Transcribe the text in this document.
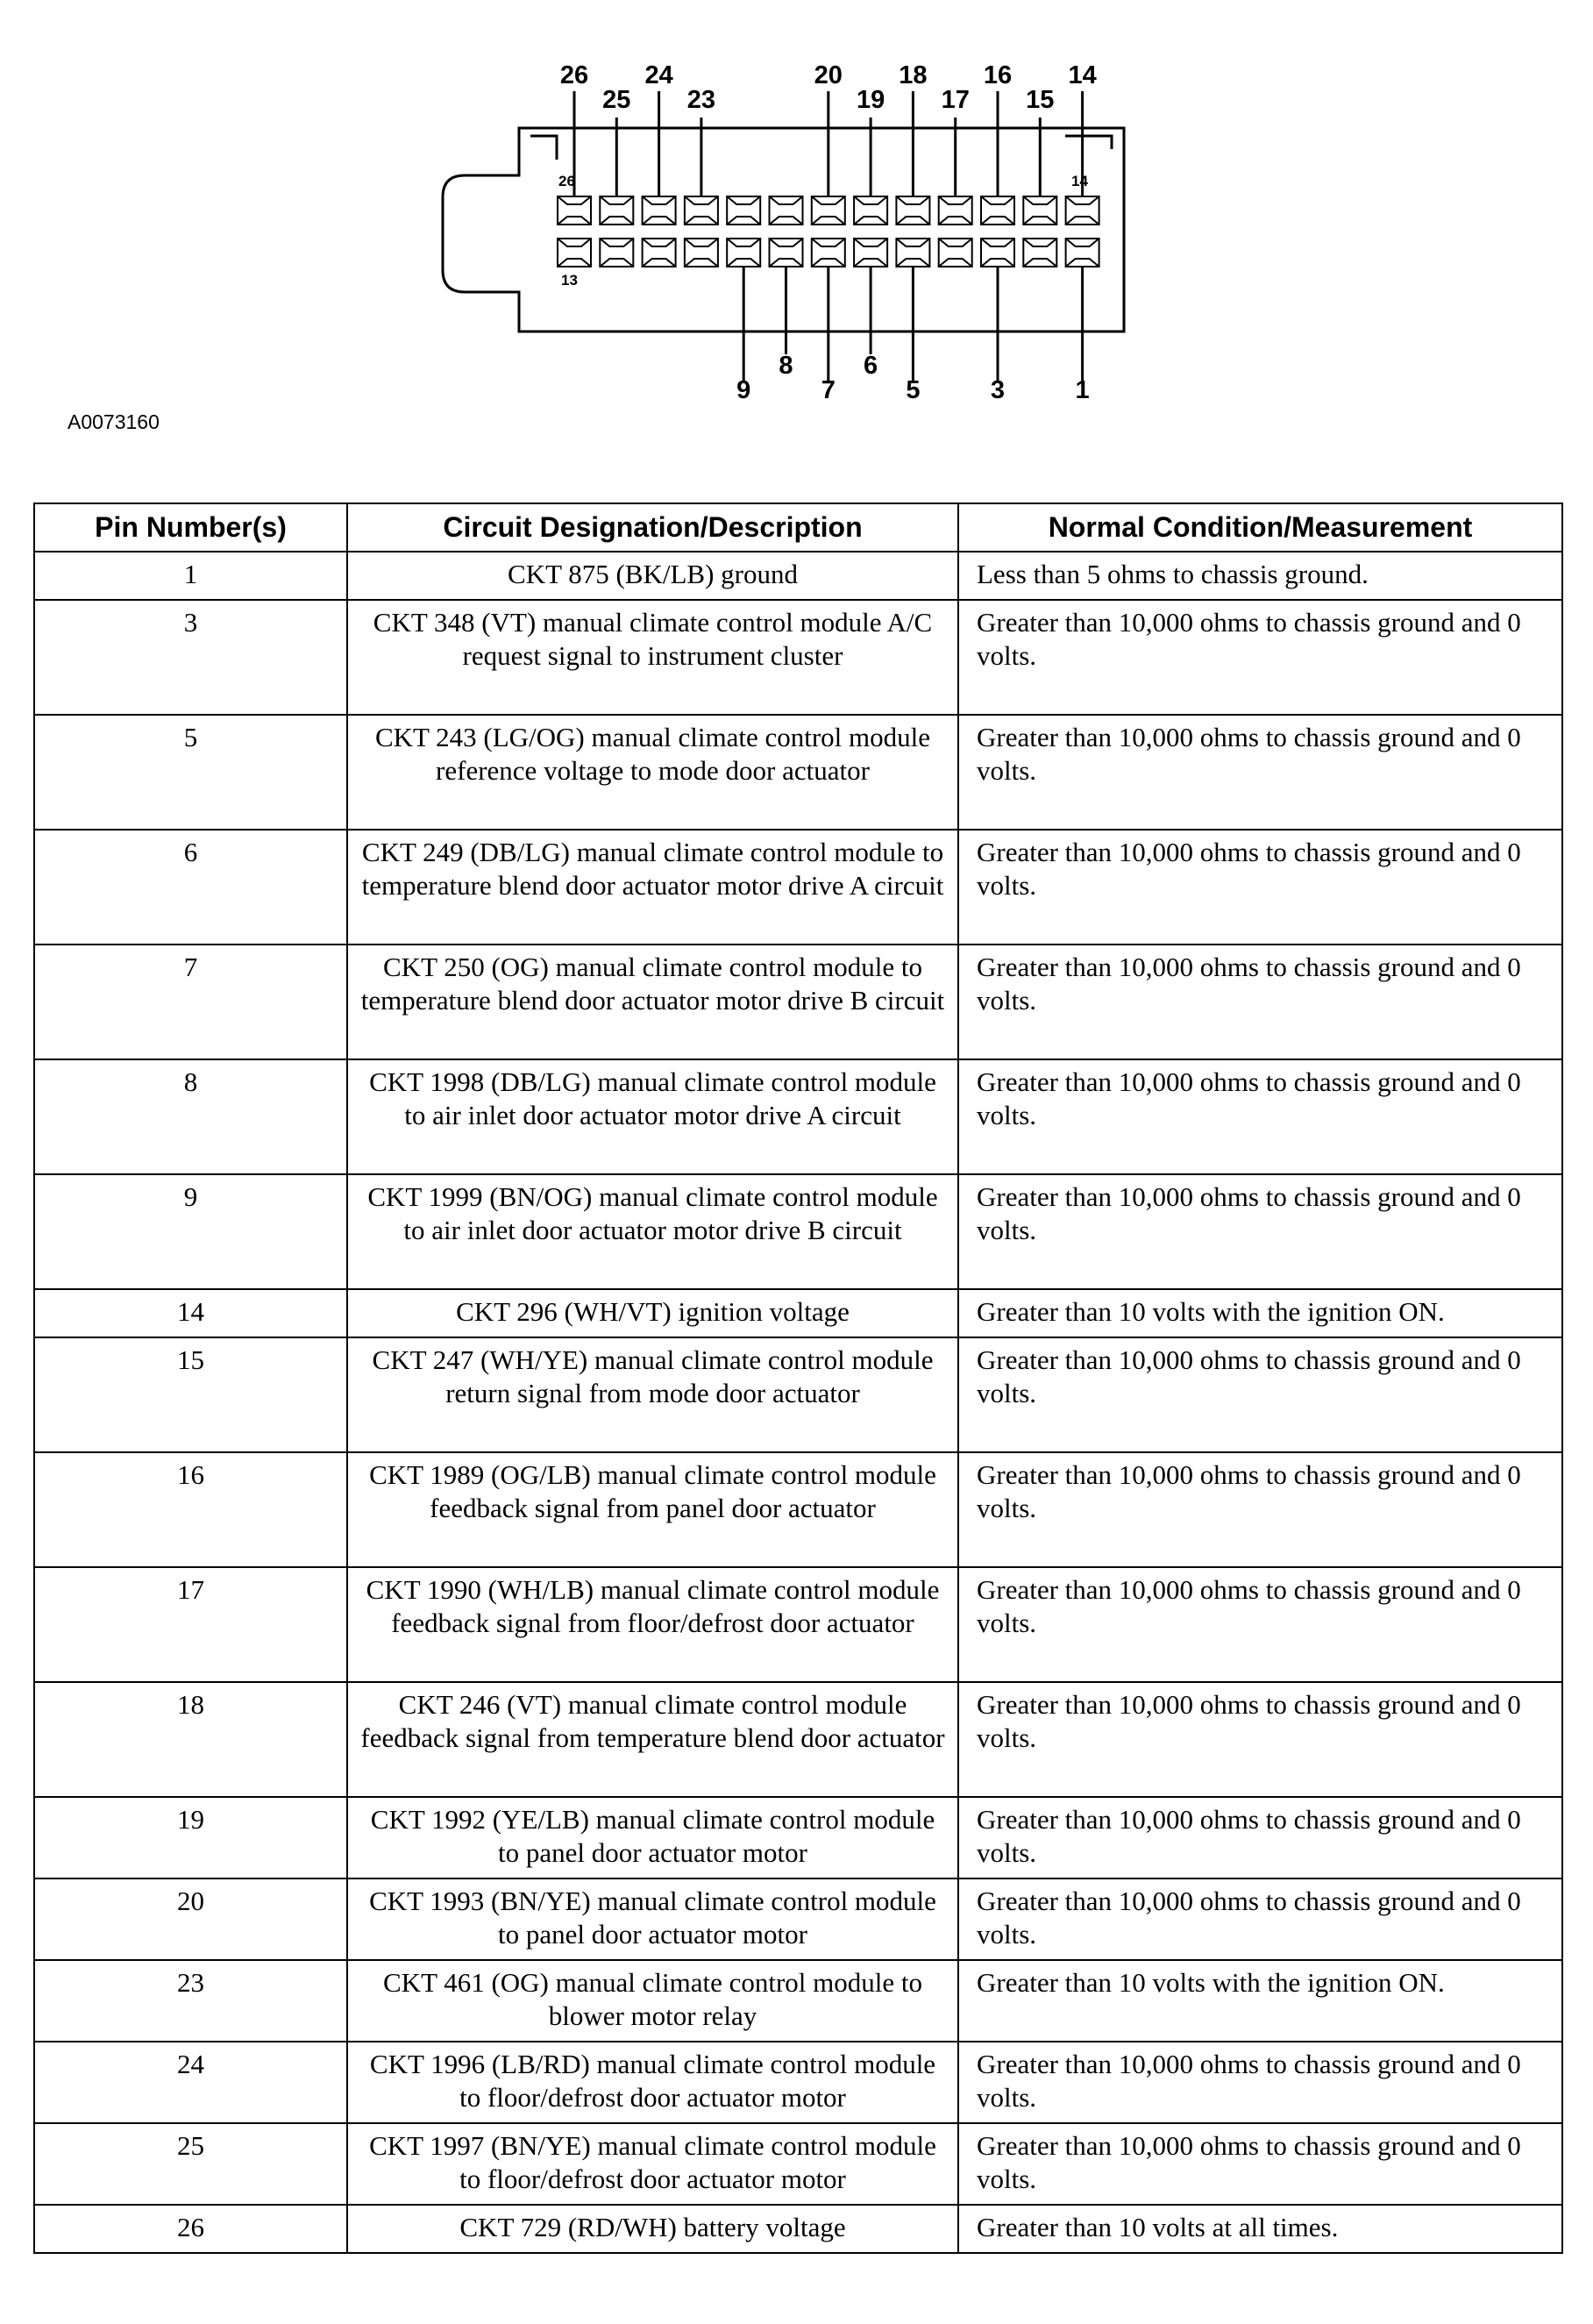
26
25
24
23
20
19
18
17
16
15
14
9
8
7
6
5	3	1
26	14
13
A0073160
Pin Number(s)	Circuit Designation/Description	Normal Condition/Measurement
1	CKT 875 (BK/LB) ground	Less than 5 ohms to chassis ground.
3	CKT 348 (VT) manual climate control module A/C request signal to instrument cluster	Greater than 10,000 ohms to chassis ground and 0 volts.
5	CKT 243 (LG/OG) manual climate control module reference voltage to mode door actuator	Greater than 10,000 ohms to chassis ground and 0 volts.
6	CKT 249 (DB/LG) manual climate control module to temperature blend door actuator motor drive A circuit	Greater than 10,000 ohms to chassis ground and 0 volts.
7	CKT 250 (OG) manual climate control module to temperature blend door actuator motor drive B circuit	Greater than 10,000 ohms to chassis ground and 0 volts.
8	CKT 1998 (DB/LG) manual climate control module to air inlet door actuator motor drive A circuit	Greater than 10,000 ohms to chassis ground and 0 volts.
9	CKT 1999 (BN/OG) manual climate control module to air inlet door actuator motor drive B circuit	Greater than 10,000 ohms to chassis ground and 0 volts.
14	CKT 296 (WH/VT) ignition voltage	Greater than 10 volts with the ignition ON.
15	CKT 247 (WH/YE) manual climate control module return signal from mode door actuator	Greater than 10,000 ohms to chassis ground and 0 volts.
16	CKT 1989 (OG/LB) manual climate control module feedback signal from panel door actuator	Greater than 10,000 ohms to chassis ground and 0 volts.
17	CKT 1990 (WH/LB) manual climate control module feedback signal from floor/defrost door actuator	Greater than 10,000 ohms to chassis ground and 0 volts.
18	CKT 246 (VT) manual climate control module feedback signal from temperature blend door actuator	Greater than 10,000 ohms to chassis ground and 0 volts.
19	CKT 1992 (YE/LB) manual climate control module to panel door actuator motor	Greater than 10,000 ohms to chassis ground and 0 volts.
20	CKT 1993 (BN/YE) manual climate control module to panel door actuator motor	Greater than 10,000 ohms to chassis ground and 0 volts.
23	CKT 461 (OG) manual climate control module to blower motor relay	Greater than 10 volts with the ignition ON.
24	CKT 1996 (LB/RD) manual climate control module to floor/defrost door actuator motor	Greater than 10,000 ohms to chassis ground and 0 volts.
25	CKT 1997 (BN/YE) manual climate control module to floor/defrost door actuator motor	Greater than 10,000 ohms to chassis ground and 0 volts.
26	CKT 729 (RD/WH) battery voltage	Greater than 10 volts at all times.
